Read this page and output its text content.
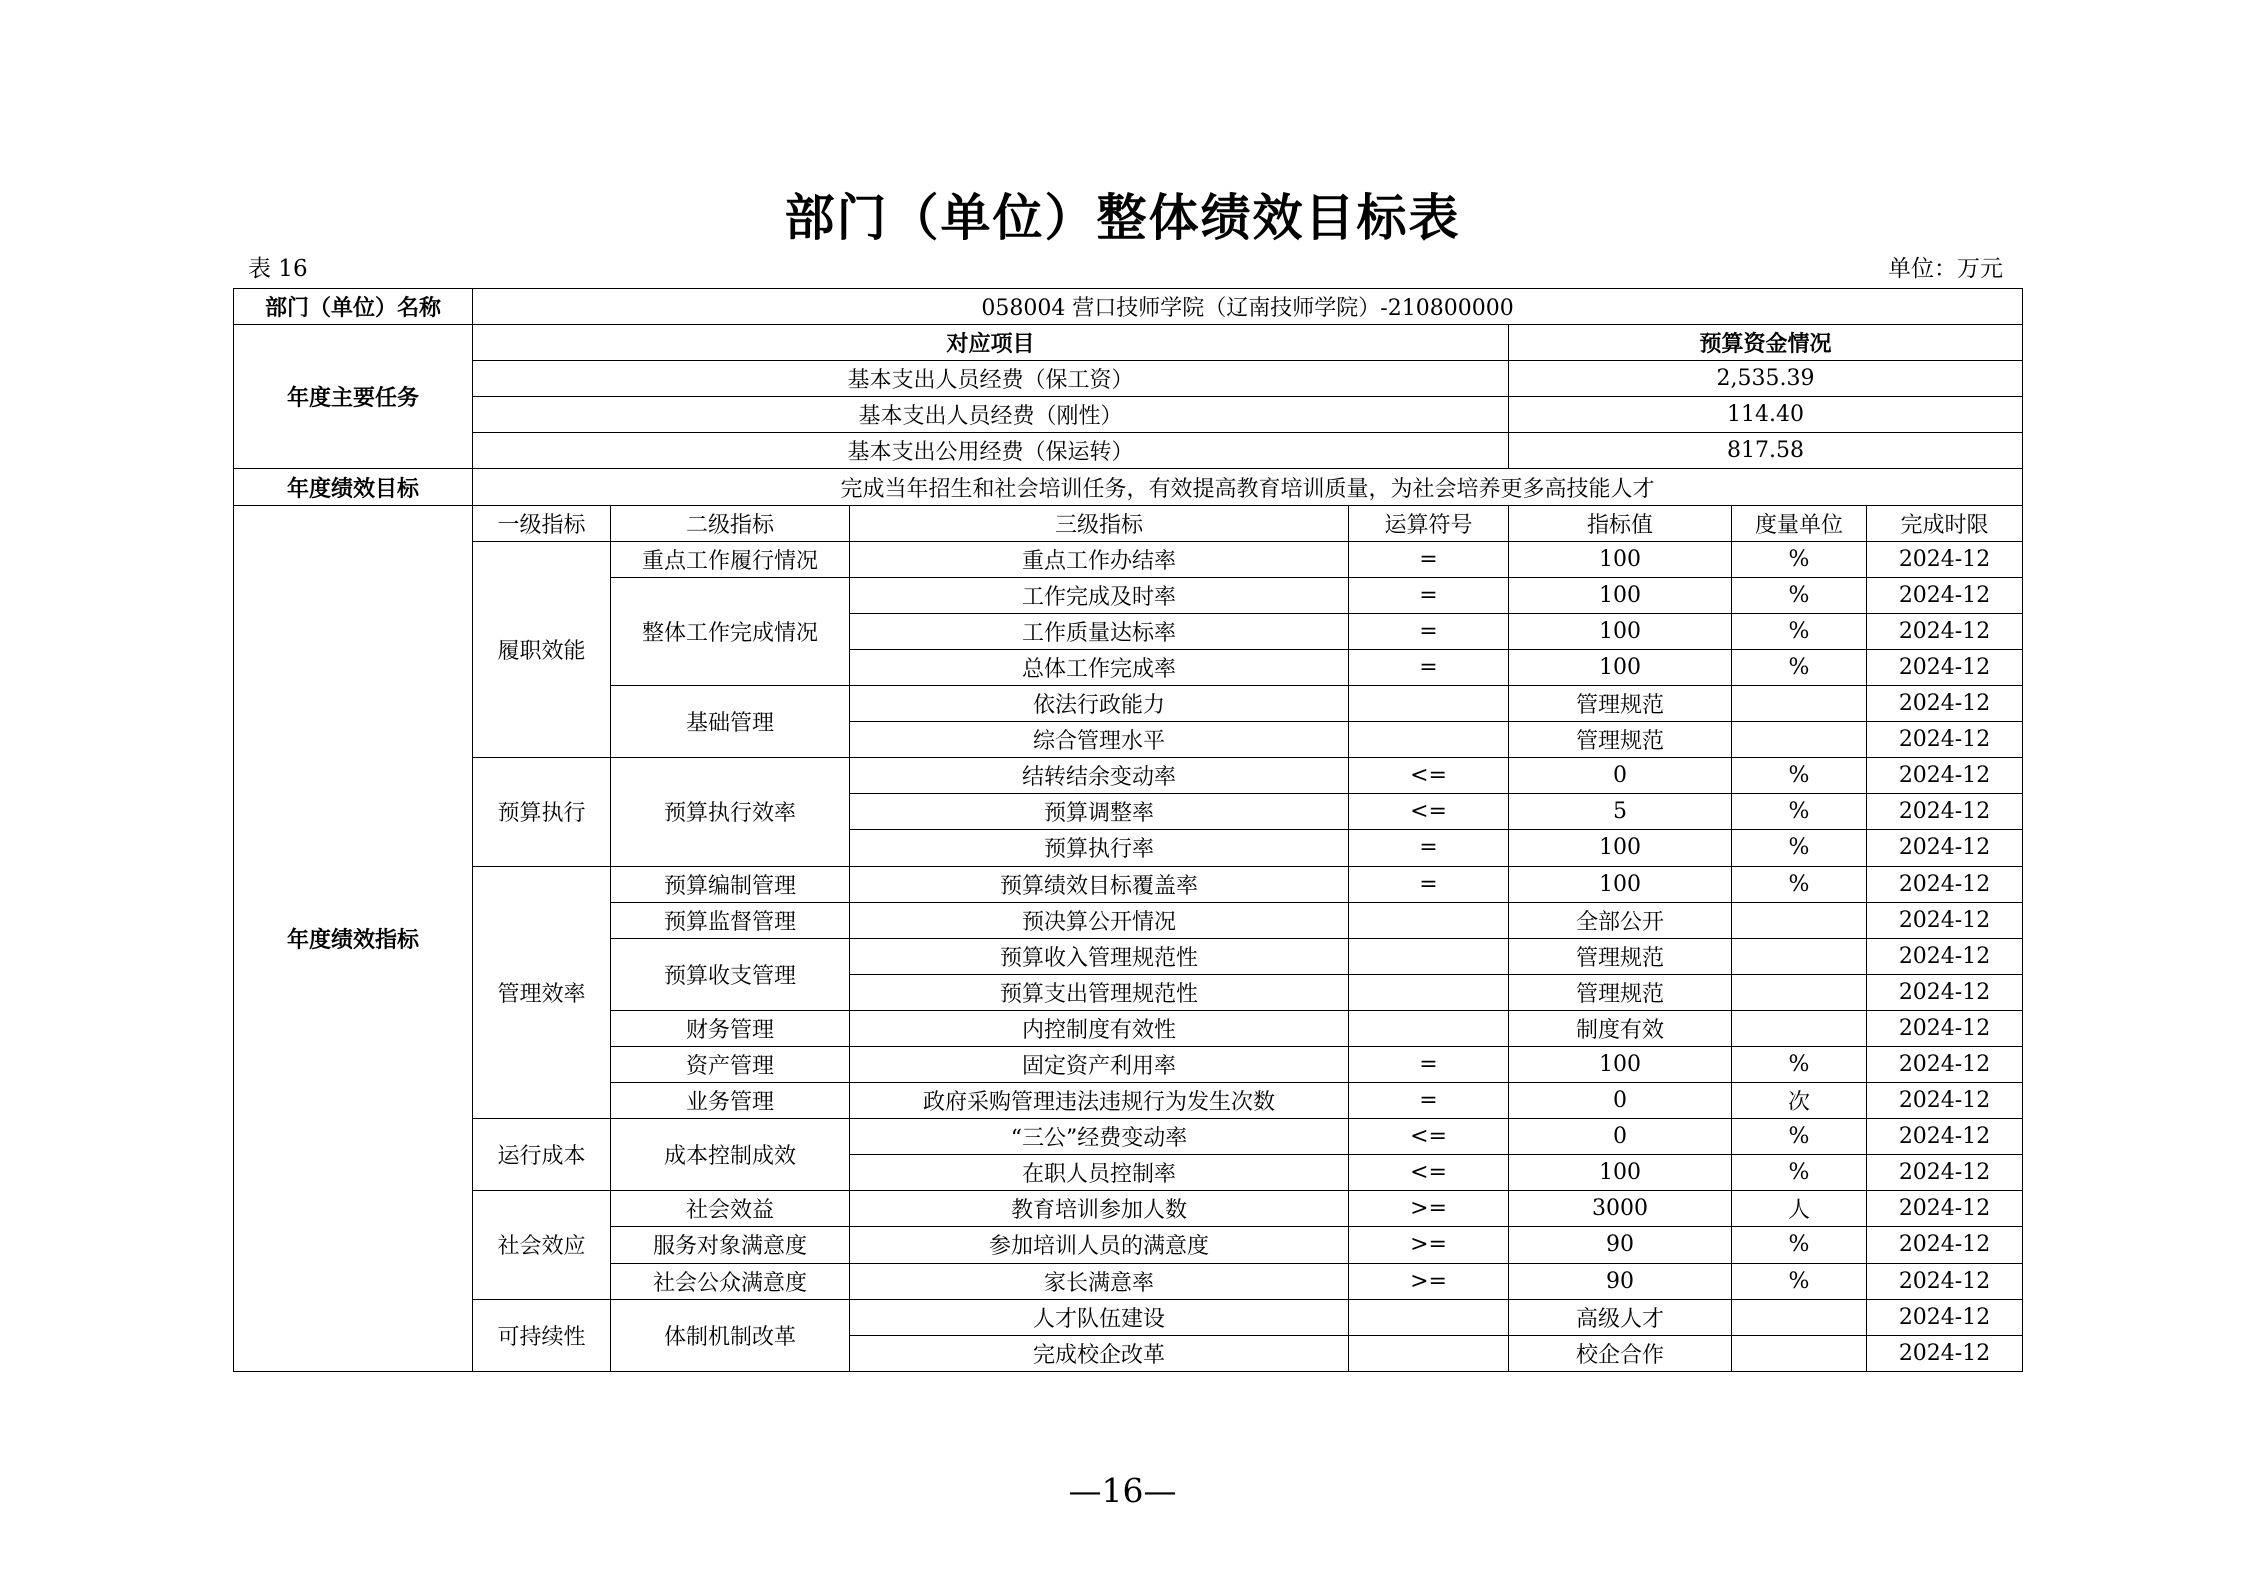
部门（单位）整体绩效目标表
表 16	单位：万元
部门（单位）名称	058004 营口技师学院（辽南技师学院）-210800000						
年度主要任务	对应项目				预算资金情况		
	基本支出人员经费（保工资）				2,535.39		
	基本支出人员经费（刚性）				114.40		
	基本支出公用经费（保运转）				817.58		
年度绩效目标	完成当年招生和社会培训任务，有效提高教育培训质量，为社会培养更多高技能人才						
年度绩效指标	一级指标	二级指标	三级指标	运算符号	指标值	度量单位	完成时限
	履职效能	重点工作履行情况	重点工作办结率	=	100	%	2024-12
		整体工作完成情况	工作完成及时率	=	100	%	2024-12
			工作质量达标率	=	100	%	2024-12
			总体工作完成率	=	100	%	2024-12
		基础管理	依法行政能力		管理规范		2024-12
			综合管理水平		管理规范		2024-12
	预算执行	预算执行效率	结转结余变动率	<=	0	%	2024-12
			预算调整率	<=	5	%	2024-12
			预算执行率	=	100	%	2024-12
	管理效率	预算编制管理	预算绩效目标覆盖率	=	100	%	2024-12
		预算监督管理	预决算公开情况		全部公开		2024-12
		预算收支管理	预算收入管理规范性		管理规范		2024-12
			预算支出管理规范性		管理规范		2024-12
		财务管理	内控制度有效性		制度有效		2024-12
		资产管理	固定资产利用率	=	100	%	2024-12
		业务管理	政府采购管理违法违规行为发生次数	=	0	次	2024-12
	运行成本	成本控制成效	“三公”经费变动率	<=	0	%	2024-12
			在职人员控制率	<=	100	%	2024-12
	社会效应	社会效益	教育培训参加人数	>=	3000	人	2024-12
		服务对象满意度	参加培训人员的满意度	>=	90	%	2024-12
		社会公众满意度	家长满意率	>=	90	%	2024-12
	可持续性	体制机制改革	人才队伍建设		高级人才		2024-12
			完成校企改革		校企合作		2024-12
—16—
